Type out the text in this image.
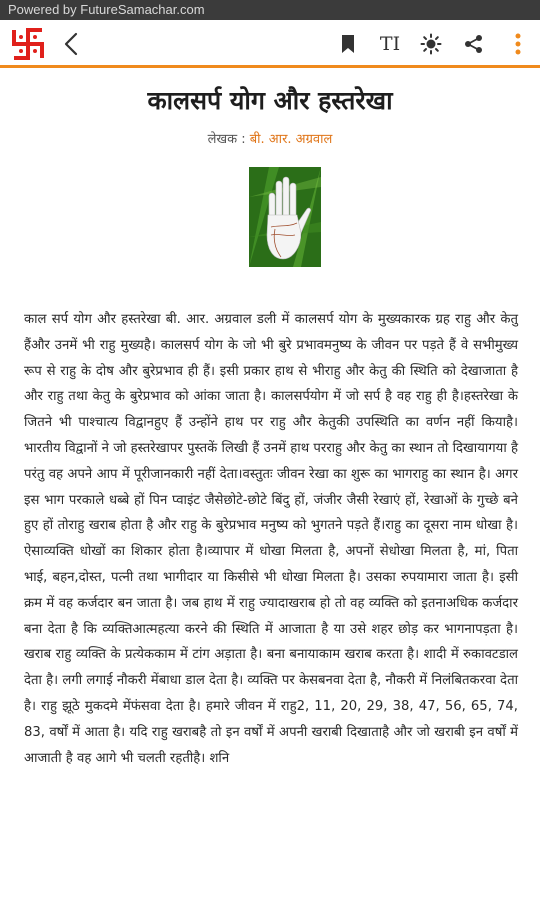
Powered by FutureSamachar.com
TI
कालसर्प योग और हस्तरेखा
लेखक : बी. आर. अग्रवाल
काल सर्प योग और हस्तरेखा बी. आर. अग्रवाल डली में कालसर्प योग के मुख्यकारक ग्रह राहु और केतु हैंऔर उनमें भी राहु मुख्यहै। कालसर्प योग के जो भी बुरे प्रभावमनुष्य के जीवन पर पड़ते हैं वे सभीमुख्य रूप से राहु के दोष और बुरेप्रभाव ही हैं। इसी प्रकार हाथ से भीराहु और केतु की स्थिति को देखाजाता है और राहु तथा केतु के बुरेप्रभाव को आंका जाता है। कालसर्पयोग में जो सर्प है वह राहु ही है।हस्तरेखा के जितने भी पाश्चात्य विद्वानहुए हैं उन्होंने हाथ पर राहु और केतुकी उपस्थिति का वर्णन नहीं कियाहै। भारतीय विद्वानों ने जो हस्तरेखापर पुस्तकें लिखी हैं उनमें हाथ परराहु और केतु का स्थान तो दिखायागया है परंतु वह अपने आप में पूरीजानकारी नहीं देता।वस्तुतः जीवन रेखा का शुरू का भागराहु का स्थान है। अगर इस भाग परकाले धब्बे हों पिन प्वाइंट जैसेछोटे-छोटे बिंदु हों, जंजीर जैसी रेखाएं हों, रेखाओं के गुच्छे बने हुए हों तोराहु खराब होता है और राहु के बुरेप्रभाव मनुष्य को भुगतने पड़ते हैं।राहु का दूसरा नाम धोखा है। ऐसाव्यक्ति धोखों का शिकार होता है।व्यापार में धोखा मिलता है, अपनों सेधोखा मिलता है, मां, पिता भाई, बहन,दोस्त, पत्नी तथा भागीदार या किसीसे भी धोखा मिलता है। उसका रुपयामारा जाता है। इसी क्रम में वह कर्जदार बन जाता है। जब हाथ में राहु ज्यादाखराब हो तो वह व्यक्ति को इतनाअधिक कर्जदार बना देता है कि व्यक्तिआत्महत्या करने की स्थिति में आजाता है या उसे शहर छोड़ कर भागनापड़ता है। खराब राहु व्यक्ति के प्रत्येककाम में टांग अड़ाता है। बना बनायाकाम खराब करता है। शादी में रुकावटडाल देता है। लगी लगाई नौकरी मेंबाधा डाल देता है। व्यक्ति पर केसबनवा देता है, नौकरी में निलंबितकरवा देता है। राहु झूठे मुकदमे मेंफंसवा देता है। हमारे जीवन में राहु2, 11, 20, 29, 38, 47, 56, 65, 74, 83, वर्षों में आता है। यदि राहु खराबहै तो इन वर्षों में अपनी खराबी दिखाताहै और जो खराबी इन वर्षों में आजाती है वह आगे भी चलती रहतीहै। शनि
